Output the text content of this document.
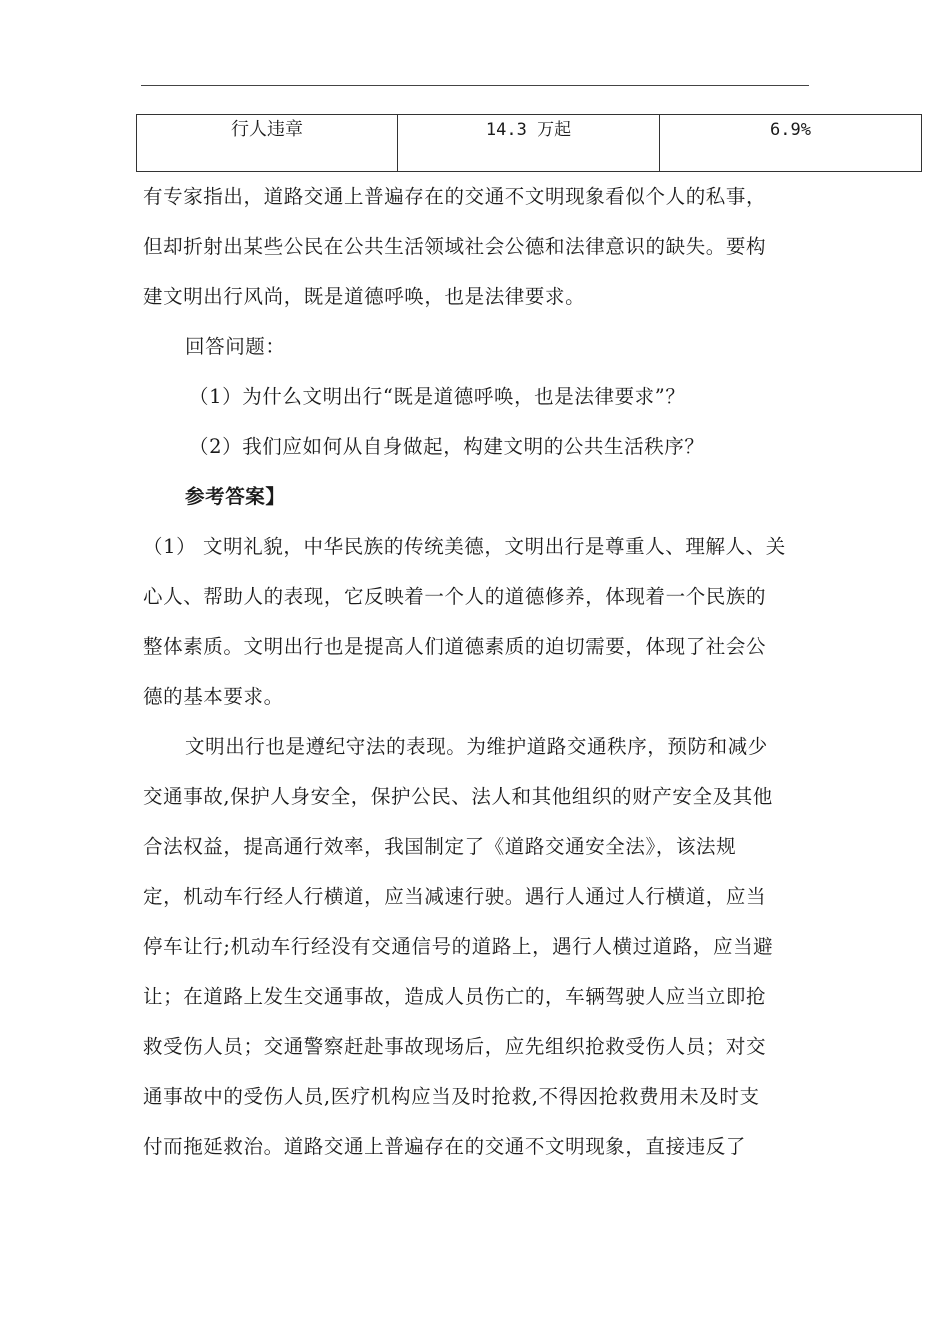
行人违章	14.3 万起	6.9%
有专家指出，道路交通上普遍存在的交通不文明现象看似个人的私事，
但却折射出某些公民在公共生活领域社会公德和法律意识的缺失。要构
建文明出行风尚，既是道德呼唤，也是法律要求。
回答问题：
（1）为什么文明出行“既是道德呼唤，也是法律要求”？
（2）我们应如何从自身做起，构建文明的公共生活秩序？
参考答案】
（1） 文明礼貌，中华民族的传统美德，文明出行是尊重人、理解人、关
心人、帮助人的表现，它反映着一个人的道德修养，体现着一个民族的
整体素质。文明出行也是提高人们道德素质的迫切需要，体现了社会公
德的基本要求。
文明出行也是遵纪守法的表现。为维护道路交通秩序，预防和减少
交通事故,保护人身安全，保护公民、法人和其他组织的财产安全及其他
合法权益，提高通行效率，我国制定了《道路交通安全法》，该法规
定，机动车行经人行横道，应当减速行驶。遇行人通过人行横道，应当
停车让行;机动车行经没有交通信号的道路上，遇行人横过道路，应当避
让；在道路上发生交通事故，造成人员伤亡的，车辆驾驶人应当立即抢
救受伤人员；交通警察赶赴事故现场后，应先组织抢救受伤人员；对交
通事故中的受伤人员,医疗机构应当及时抢救,不得因抢救费用未及时支
付而拖延救治。道路交通上普遍存在的交通不文明现象，直接违反了
